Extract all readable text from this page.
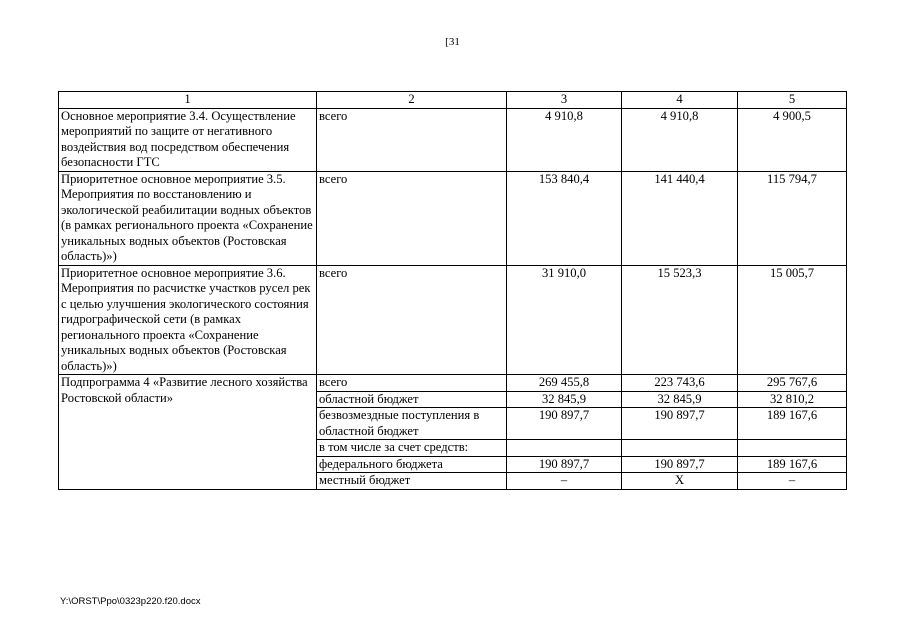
[31
1	2	3	4	5
Основное мероприятие 3.4. Осуществление мероприятий по защите от негативного воздействия вод посредством обеспечения безопасности ГТС	всего	4 910,8	4 910,8	4 900,5
Приоритетное основное мероприятие 3.5. Мероприятия по восстановлению и экологической реабилитации водных объектов (в рамках регионального проекта «Сохранение уникальных водных объектов (Ростовская область)»)	всего	153 840,4	141 440,4	115 794,7
Приоритетное основное мероприятие 3.6. Мероприятия по расчистке участков русел рек с целью улучшения экологического состояния гидрографической сети (в рамках регионального проекта «Сохранение уникальных водных объектов (Ростовская область)»)	всего	31 910,0	15 523,3	15 005,7
Подпрограмма 4 «Развитие лесного хозяйства Ростовской области»	всего	269 455,8	223 743,6	295 767,6
	областной бюджет	32 845,9	32 845,9	32 810,2
	безвозмездные поступления в областной бюджет	190 897,7	190 897,7	189 167,6
	в том числе за счет средств:			
	федерального бюджета	190 897,7	190 897,7	189 167,6
	местный бюджет	–	Х	–
Y:\ORST\Ppo\0323p220.f20.docx
